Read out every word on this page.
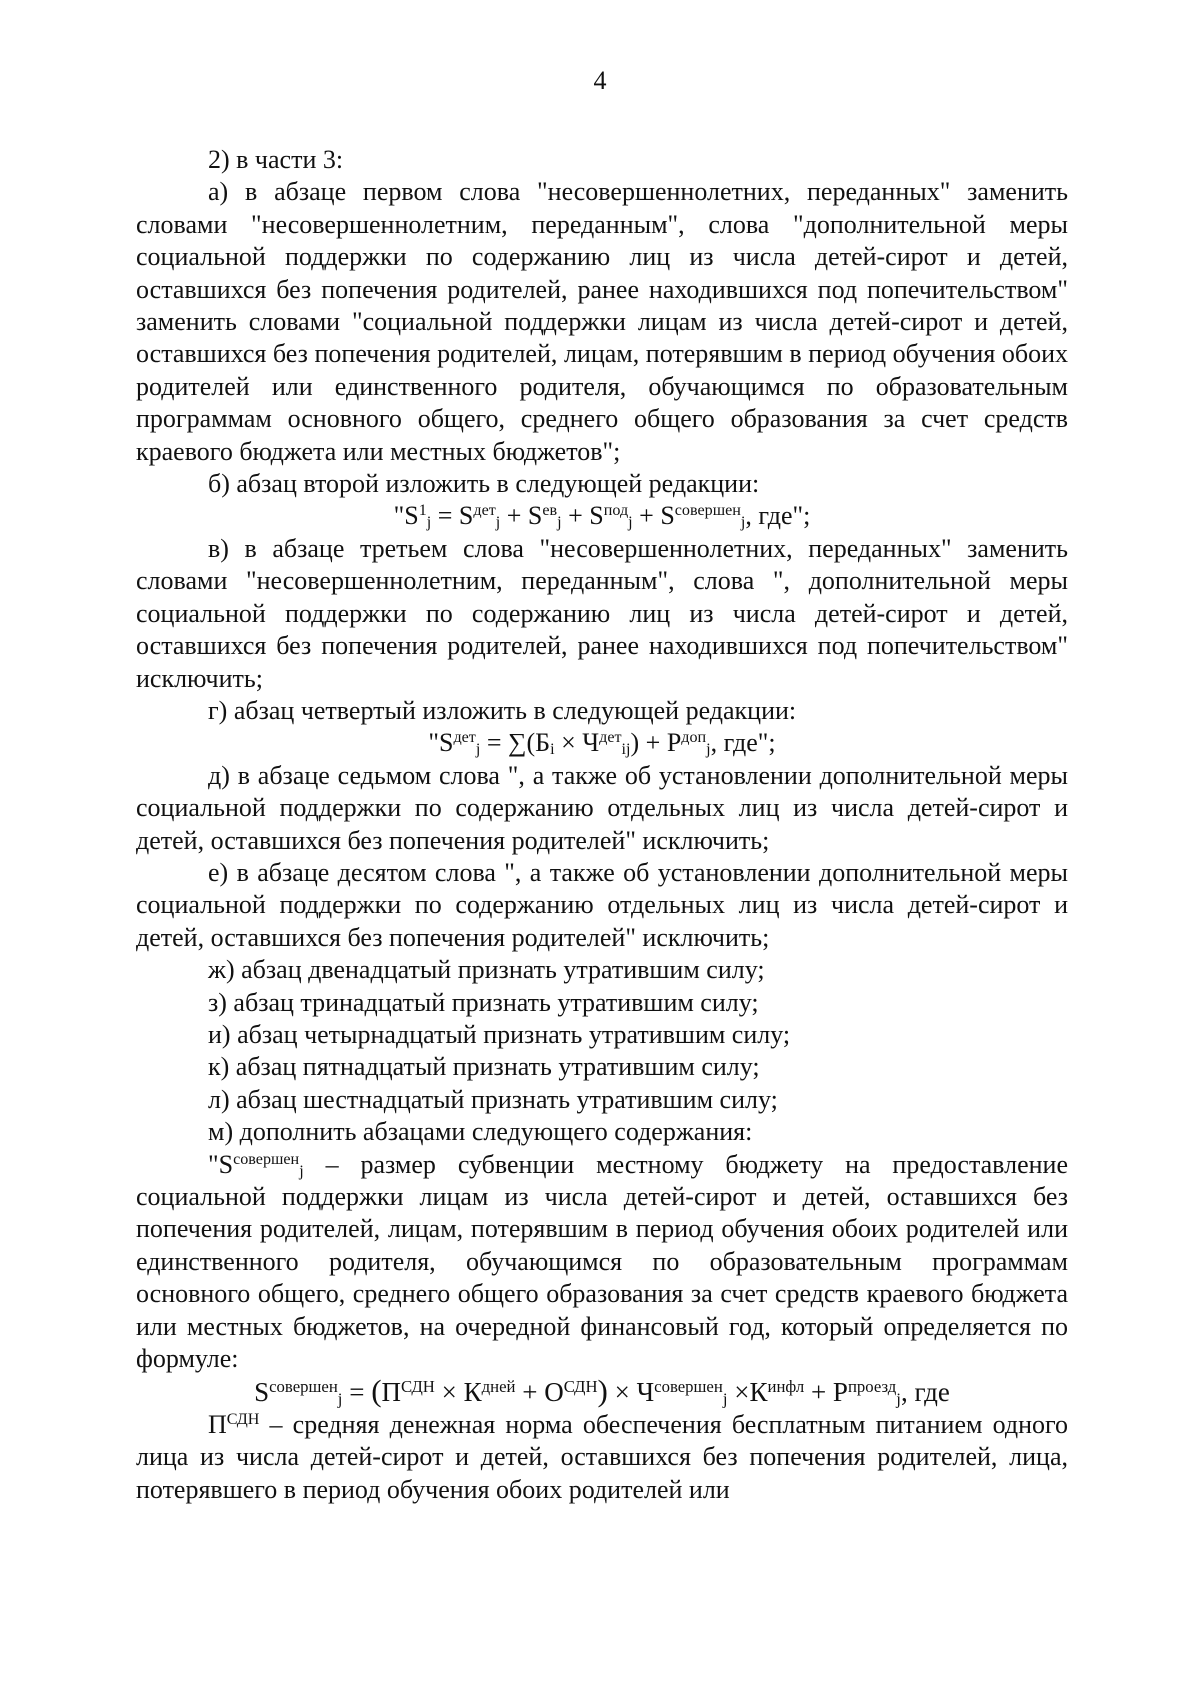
4

2) в части 3:

а) в абзаце первом слова "несовершеннолетних, переданных" заменить словами "несовершеннолетним, переданным", слова "дополнительной меры социальной поддержки по содержанию лиц из числа детей-сирот и детей, оставшихся без попечения родителей, ранее находившихся под попечительством" заменить словами "социальной поддержки лицам из числа детей-сирот и детей, оставшихся без попечения родителей, лицам, потерявшим в период обучения обоих родителей или единственного родителя, обучающимся по образовательным программам основного общего, среднего общего образования за счет средств краевого бюджета или местных бюджетов";

б) абзац второй изложить в следующей редакции:

"$S^1_j = S^{дет}_j + S^{ев}_j + S^{под}_j + S^{совершен}_j$, где";

в) в абзаце третьем слова "несовершеннолетних, переданных" заменить словами "несовершеннолетним, переданным", слова ", дополнительной меры социальной поддержки по содержанию лиц из числа детей-сирот и детей, оставшихся без попечения родителей, ранее находившихся под попечительством" исключить;

г) абзац четвертый изложить в следующей редакции:

"$S^{дет}_j = \sum(Б_i \times Ч^{дет}_{ij}) + Р^{доп}_j$, где";

д) в абзаце седьмом слова ", а также об установлении дополнительной меры социальной поддержки по содержанию отдельных лиц из числа детей-сирот и детей, оставшихся без попечения родителей" исключить;

е) в абзаце десятом слова ", а также об установлении дополнительной меры социальной поддержки по содержанию отдельных лиц из числа детей-сирот и детей, оставшихся без попечения родителей" исключить;

ж) абзац двенадцатый признать утратившим силу;

з) абзац тринадцатый признать утратившим силу;

и) абзац четырнадцатый признать утратившим силу;

к) абзац пятнадцатый признать утратившим силу;

л) абзац шестнадцатый признать утратившим силу;

м) дополнить абзацами следующего содержания:

"$S^{совершен}_j$ – размер субвенции местному бюджету на предоставление социальной поддержки лицам из числа детей-сирот и детей, оставшихся без попечения родителей, лицам, потерявшим в период обучения обоих родителей или единственного родителя, обучающимся по образовательным программам основного общего, среднего общего образования за счет средств краевого бюджета или местных бюджетов, на очередной финансовый год, который определяется по формуле:

$S^{совершен}_j = (П^{СДН} \times К^{дней} + О^{СДН}) \times Ч^{совершен}_j \times К^{инфл} + Р^{проезд}_j$, где

$П^{СДН}$ – средняя денежная норма обеспечения бесплатным питанием одного лица из числа детей-сирот и детей, оставшихся без попечения родителей, лица, потерявшего в период обучения обоих родителей или
